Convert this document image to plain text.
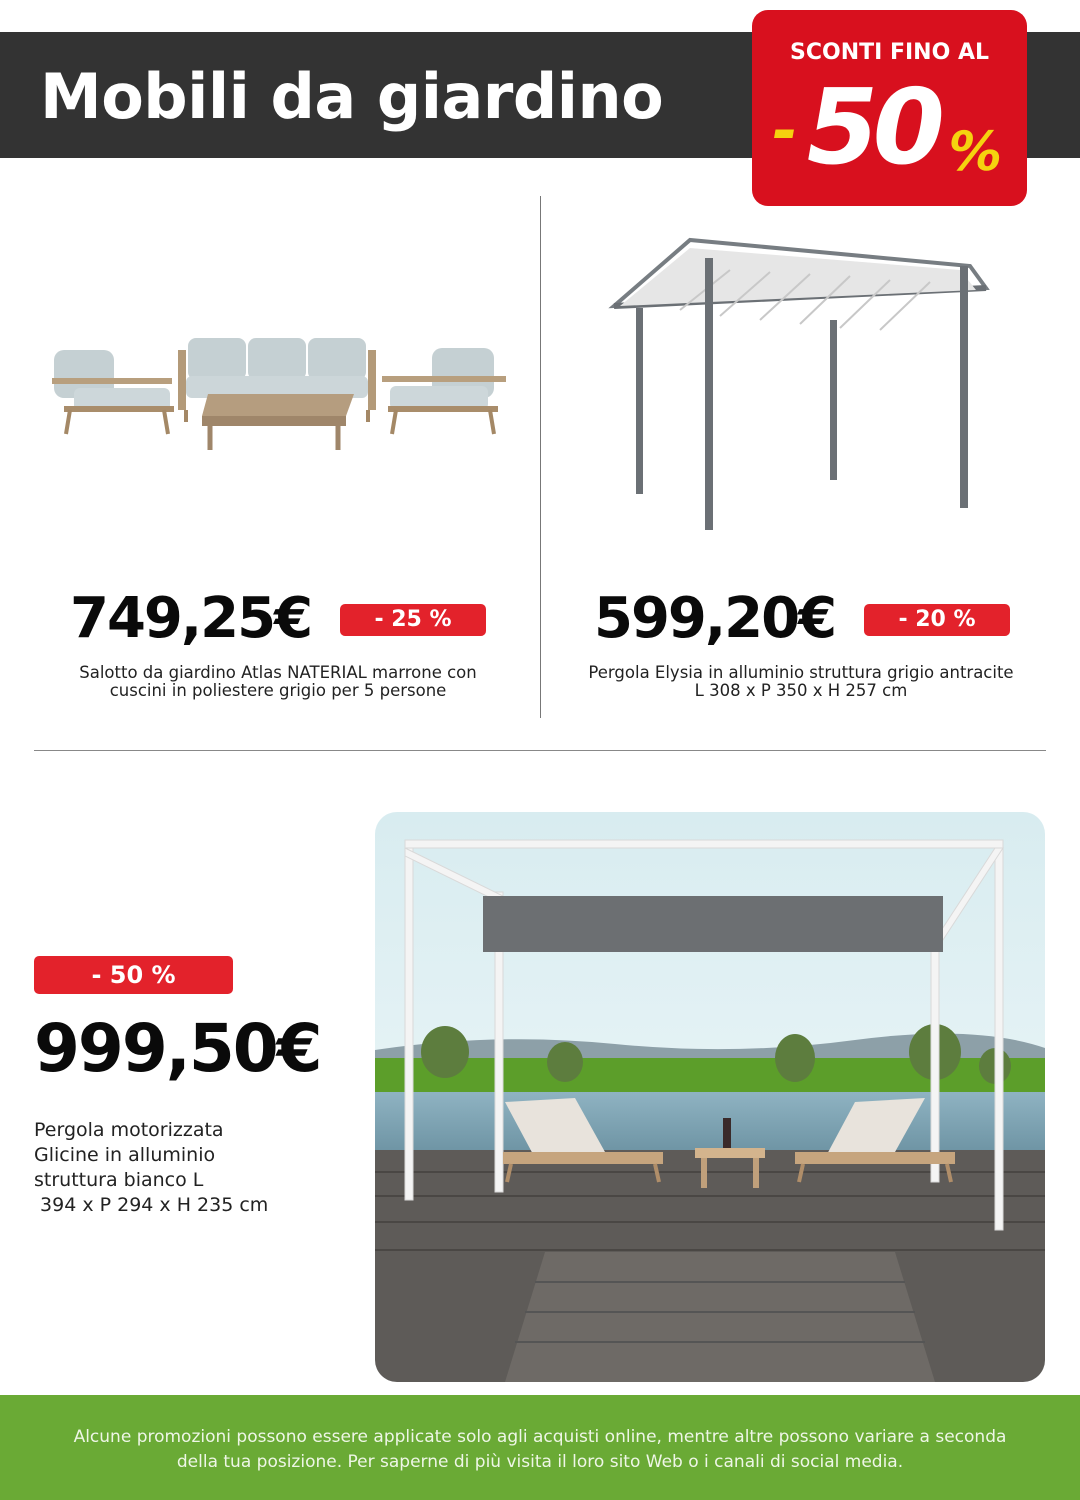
Mobili da giardino
SCONTI FINO AL
-
50
%
749,25€	- 25 %
Salotto da giardino Atlas NATERIAL marrone con cuscini in poliestere grigio per 5 persone
599,20€	- 20 %
Pergola Elysia in alluminio struttura grigio antracite L 308 x P 350 x H 257 cm
- 50 %
999,50€
Pergola motorizzata
Glicine in alluminio
struttura bianco L
394 x P 294 x H 235 cm

Alcune promozioni possono essere applicate solo agli acquisti online, mentre altre possono variare a seconda della tua posizione. Per saperne di più visita il loro sito Web o i canali di social media.
